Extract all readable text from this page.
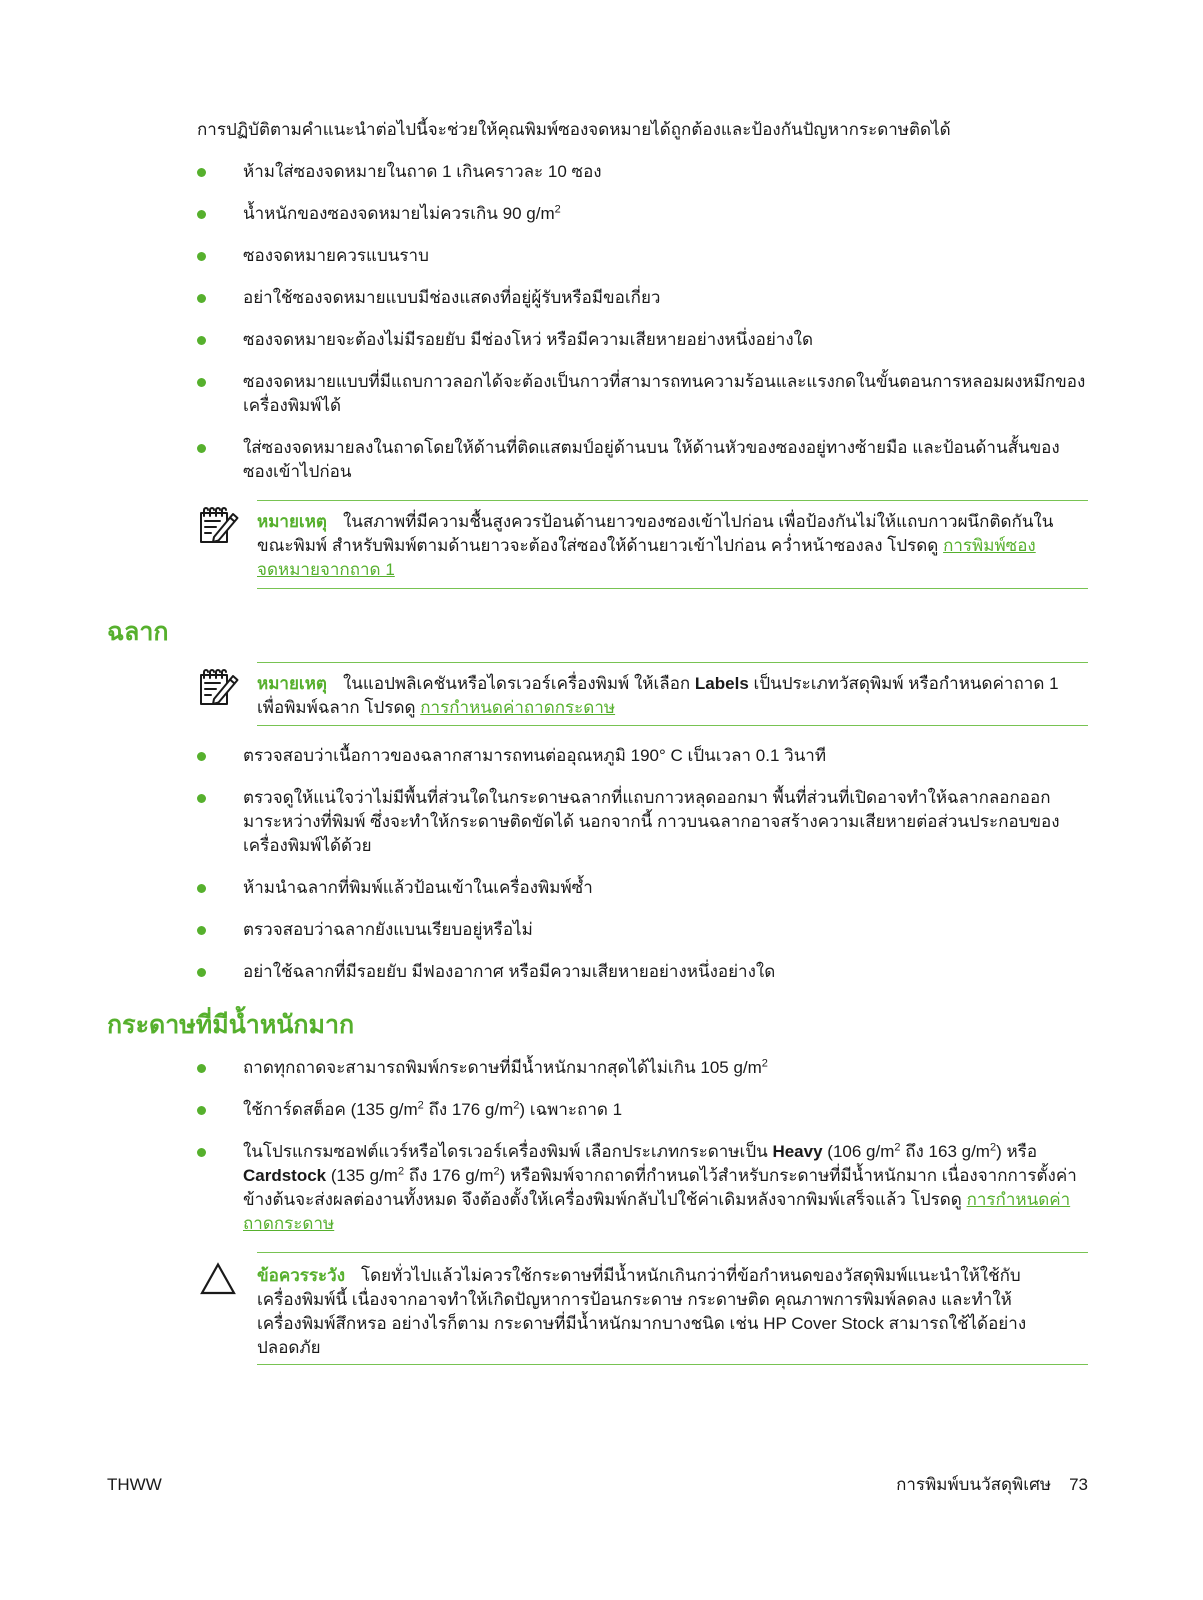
การปฏิบัติตามคำแนะนำต่อไปนี้จะช่วยให้คุณพิมพ์ซองจดหมายได้ถูกต้องและป้องกันปัญหากระดาษติดได้

ห้ามใส่ซองจดหมายในถาด 1 เกินคราวละ 10 ซอง
น้ำหนักของซองจดหมายไม่ควรเกิน 90 $g/m^2$
ซองจดหมายควรแบนราบ
อย่าใช้ซองจดหมายแบบมีช่องแสดงที่อยู่ผู้รับหรือมีขอเกี่ยว
ซองจดหมายจะต้องไม่มีรอยยับ มีช่องโหว่ หรือมีความเสียหายอย่างหนึ่งอย่างใด
ซองจดหมายแบบที่มีแถบกาวลอกได้จะต้องเป็นกาวที่สามารถทนความร้อนและแรงกดในขั้นตอนการหลอมผงหมึกของเครื่องพิมพ์ได้
ใส่ซองจดหมายลงในถาดโดยให้ด้านที่ติดแสตมป์อยู่ด้านบน ให้ด้านหัวของซองอยู่ทางซ้ายมือ และป้อนด้านสั้นของซองเข้าไปก่อน

หมายเหตุ ในสภาพที่มีความชื้นสูงควรป้อนด้านยาวของซองเข้าไปก่อน เพื่อป้องกันไม่ให้แถบกาวผนึกติดกันในขณะพิมพ์ สำหรับพิมพ์ตามด้านยาวจะต้องใส่ซองให้ด้านยาวเข้าไปก่อน คว่ำหน้าซองลง โปรดดู การพิมพ์ซองจดหมายจากถาด 1

ฉลาก

หมายเหตุ ในแอปพลิเคชันหรือไดรเวอร์เครื่องพิมพ์ ให้เลือก Labels เป็นประเภทวัสดุพิมพ์ หรือกำหนดค่าถาด 1 เพื่อพิมพ์ฉลาก โปรดดู การกำหนดค่าถาดกระดาษ

ตรวจสอบว่าเนื้อกาวของฉลากสามารถทนต่ออุณหภูมิ 190° C เป็นเวลา 0.1 วินาที
ตรวจดูให้แน่ใจว่าไม่มีพื้นที่ส่วนใดในกระดาษฉลากที่แถบกาวหลุดออกมา พื้นที่ส่วนที่เปิดอาจทำให้ฉลากลอกออกมาระหว่างที่พิมพ์ ซึ่งจะทำให้กระดาษติดขัดได้ นอกจากนี้ กาวบนฉลากอาจสร้างความเสียหายต่อส่วนประกอบของเครื่องพิมพ์ได้ด้วย
ห้ามนำฉลากที่พิมพ์แล้วป้อนเข้าในเครื่องพิมพ์ซ้ำ
ตรวจสอบว่าฉลากยังแบนเรียบอยู่หรือไม่
อย่าใช้ฉลากที่มีรอยยับ มีฟองอากาศ หรือมีความเสียหายอย่างหนึ่งอย่างใด
กระดาษที่มีน้ำหนักมาก
ถาดทุกถาดจะสามารถพิมพ์กระดาษที่มีน้ำหนักมากสุดได้ไม่เกิน 105 $g/m^2$
ใช้การ์ดสต็อค (135 $g/m^2$ ถึง 176 $g/m^2$) เฉพาะถาด 1
ในโปรแกรมซอฟต์แวร์หรือไดรเวอร์เครื่องพิมพ์ เลือกประเภทกระดาษเป็น Heavy (106 $g/m^2$ ถึง 163 $g/m^2$) หรือ Cardstock (135 $g/m^2$ ถึง 176 $g/m^2$) หรือพิมพ์จากถาดที่กำหนดไว้สำหรับกระดาษที่มีน้ำหนักมาก เนื่องจากการตั้งค่าข้างต้นจะส่งผลต่องานทั้งหมด จึงต้องตั้งให้เครื่องพิมพ์กลับไปใช้ค่าเดิมหลังจากพิมพ์เสร็จแล้ว โปรดดู การกำหนดค่าถาดกระดาษ

ข้อควรระวัง โดยทั่วไปแล้วไม่ควรใช้กระดาษที่มีน้ำหนักเกินกว่าที่ข้อกำหนดของวัสดุพิมพ์แนะนำให้ใช้กับเครื่องพิมพ์นี้ เนื่องจากอาจทำให้เกิดปัญหาการป้อนกระดาษ กระดาษติด คุณภาพการพิมพ์ลดลง และทำให้เครื่องพิมพ์สึกหรอ อย่างไรก็ตาม กระดาษที่มีน้ำหนักมากบางชนิด เช่น HP Cover Stock สามารถใช้ได้อย่างปลอดภัย

THWW	การพิมพ์บนวัสดุพิเศษ 73
